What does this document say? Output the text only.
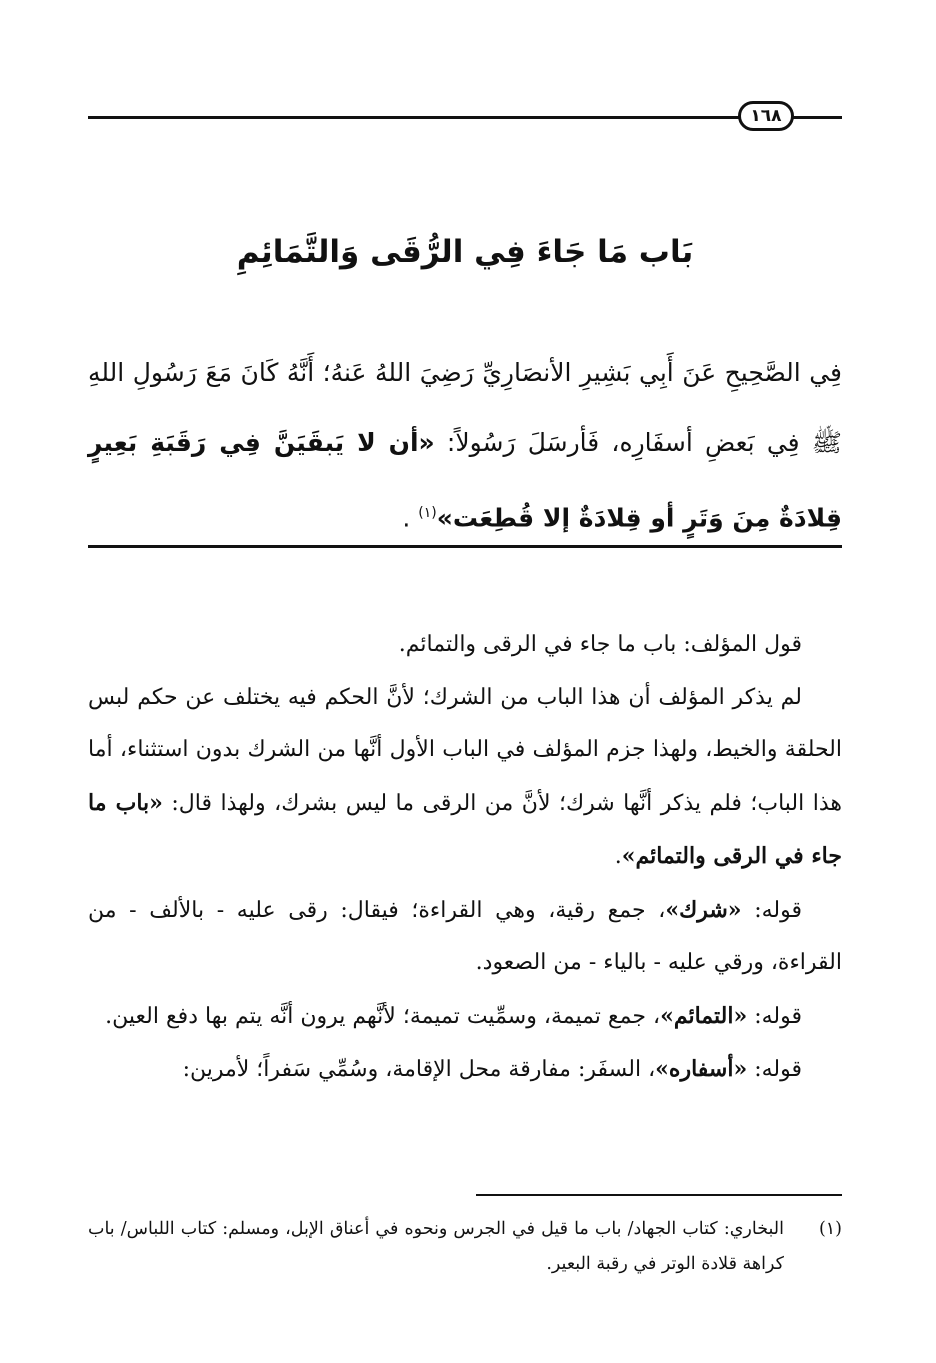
١٦٨
بَاب مَا جَاءَ فِي الرُّقَى وَالتَّمَائِمِ

فِي الصَّحِيحِ عَنَ أَبِي بَشِيرِ الأنصَارِيِّ رَضِيَ اللهُ عَنهُ؛ أَنَّهُ كَانَ مَعَ رَسُولِ اللهِ ﷺ فِي بَعضِ أسفَارِه، فَأرسَلَ رَسُولاً: «أن لا يَبقَيَنَّ فِي رَقَبَةِ بَعِيرٍ قِلادَةٌ مِنَ وَتَرٍ أو قِلادَةٌ إلا قُطِعَت»$^{(١)}$ .

قول المؤلف: باب ما جاء في الرقى والتمائم.

لم يذكر المؤلف أن هذا الباب من الشرك؛ لأنَّ الحكم فيه يختلف عن حكم لبس الحلقة والخيط، ولهذا جزم المؤلف في الباب الأول أنَّها من الشرك بدون استثناء، أما هذا الباب؛ فلم يذكر أنَّها شرك؛ لأنَّ من الرقى ما ليس بشرك، ولهذا قال: «باب ما جاء في الرقى والتمائم».

قوله: «شرك»، جمع رقية، وهي القراءة؛ فيقال: رقى عليه - بالألف - من القراءة، ورقي عليه - بالياء - من الصعود.

قوله: «التمائم»، جمع تميمة، وسمِّيت تميمة؛ لأنَّهم يرون أنَّه يتم بها دفع العين.

قوله: «أسفاره»، السفَر: مفارقة محل الإقامة، وسُمِّي سَفراً؛ لأمرين:

(١)
البخاري: كتاب الجهاد/ باب ما قيل في الجرس ونحوه في أعناق الإبل، ومسلم: كتاب اللباس/ باب كراهة قلادة الوتر في رقبة البعير.
